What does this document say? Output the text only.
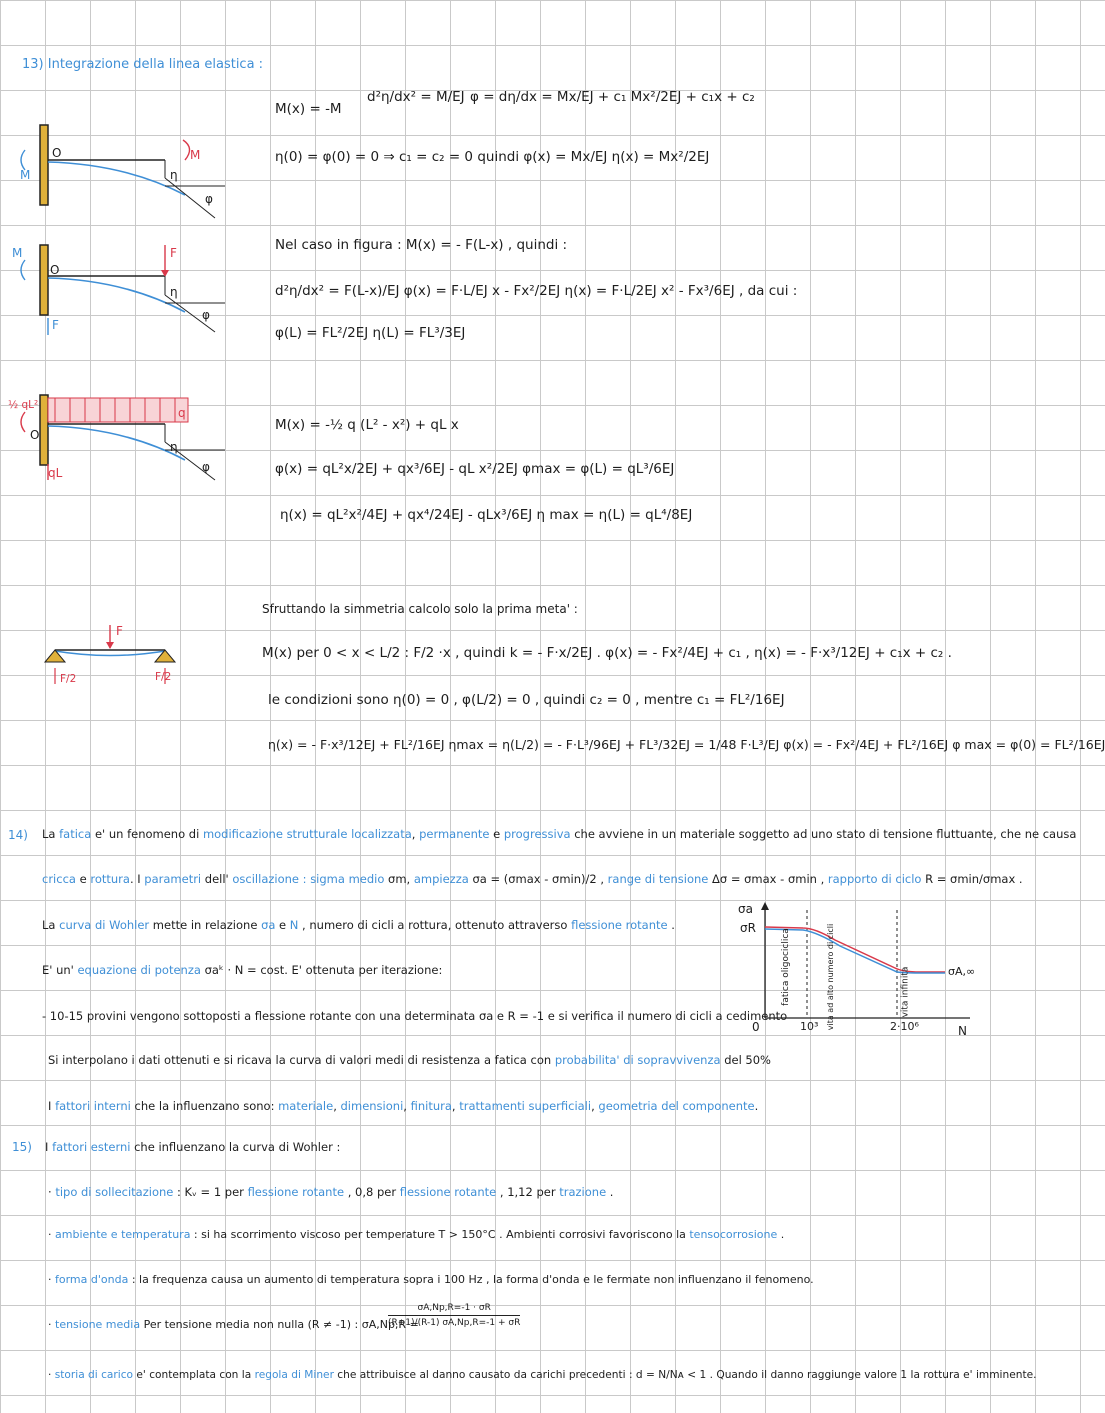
13) Integrazione della linea elastica :
O	M
M	η
φ
M(x) = -M
d²η/dx² = M/EJ φ = dη/dx = Mx/EJ + c₁ Mx²/2EJ + c₁x + c₂
η(0) = φ(0) = 0 ⇒ c₁ = c₂ = 0 quindi φ(x) = Mx/EJ η(x) = Mx²/2EJ
O
F
M
η
φ
F
Nel caso in figura : M(x) = - F(L-x) , quindi :
d²η/dx² = F(L-x)/EJ φ(x) = F·L/EJ x - Fx²/2EJ η(x) = F·L/2EJ x² - Fx³/6EJ , da cui :
φ(L) = FL²/2EJ η(L) = FL³/3EJ
½ qL²
O
q
η
φ
qL
M(x) = -½ q (L² - x²) + qL x
φ(x) = qL²x/2EJ + qx³/6EJ - qL x²/2EJ φmax = φ(L) = qL³/6EJ
η(x) = qL²x²/4EJ + qx⁴/24EJ - qLx³/6EJ η max = η(L) = qL⁴/8EJ
F
F/2	F/2
Sfruttando la simmetria calcolo solo la prima meta' :
M(x) per 0 < x < L/2 : F/2 ·x , quindi k = - F·x/2EJ . φ(x) = - Fx²/4EJ + c₁ , η(x) = - F·x³/12EJ + c₁x + c₂ .
le condizioni sono η(0) = 0 , φ(L/2) = 0 , quindi c₂ = 0 , mentre c₁ = FL²/16EJ
η(x) = - F·x³/12EJ + FL²/16EJ ηmax = η(L/2) = - F·L³/96EJ + FL³/32EJ = 1/48 F·L³/EJ φ(x) = - Fx²/4EJ + FL²/16EJ φ max = φ(0) = FL²/16EJ
14) La fatica e' un fenomeno di modificazione strutturale localizzata, permanente e progressiva che avviene in un materiale soggetto ad uno stato di tensione fluttuante, che ne causa
cricca e rottura. I parametri dell' oscillazione : sigma medio σm, ampiezza σa = (σmax - σmin)/2 , range di tensione Δσ = σmax - σmin , rapporto di ciclo R = σmin/σmax .
La curva di Wohler mette in relazione σa e N , numero di cicli a rottura, ottenuto attraverso flessione rotante .
E' un' equazione di potenza σaᵏ · N = cost. E' ottenuta per iterazione:
- 10-15 provini vengono sottoposti a flessione rotante con una determinata σa e R = -1 e si verifica il numero di cicli a cedimento
Si interpolano i dati ottenuti e si ricava la curva di valori medi di resistenza a fatica con probabilita' di sopravvivenza del 50%
I fattori interni che la influenzano sono: materiale, dimensioni, finitura, trattamenti superficiali, geometria del componente.
σa
σR
σA,∞
0	10³	2·10⁶	N
fatica oligociclica	vita ad alto numero di cicli	vita infinita
15) I fattori esterni che influenzano la curva di Wohler :
· tipo di sollecitazione : Kᵥ = 1 per flessione rotante , 0,8 per flessione rotante , 1,12 per trazione .
· ambiente e temperatura : si ha scorrimento viscoso per temperature T > 150°C . Ambienti corrosivi favoriscono la tensocorrosione .
· forma d'onda : la frequenza causa un aumento di temperatura sopra i 100 Hz , la forma d'onda e le fermate non influenzano il fenomeno.
· tensione media Per tensione media non nulla (R ≠ -1) : σA,Np,R =
σA,Np,R=-1 · σR
(R+1)/(R-1) σA,Np,R=-1 + σR
· storia di carico e' contemplata con la regola di Miner che attribuisce al danno causato da carichi precedenti : d = N/Nᴀ < 1 . Quando il danno raggiunge valore 1 la rottura e' imminente.
